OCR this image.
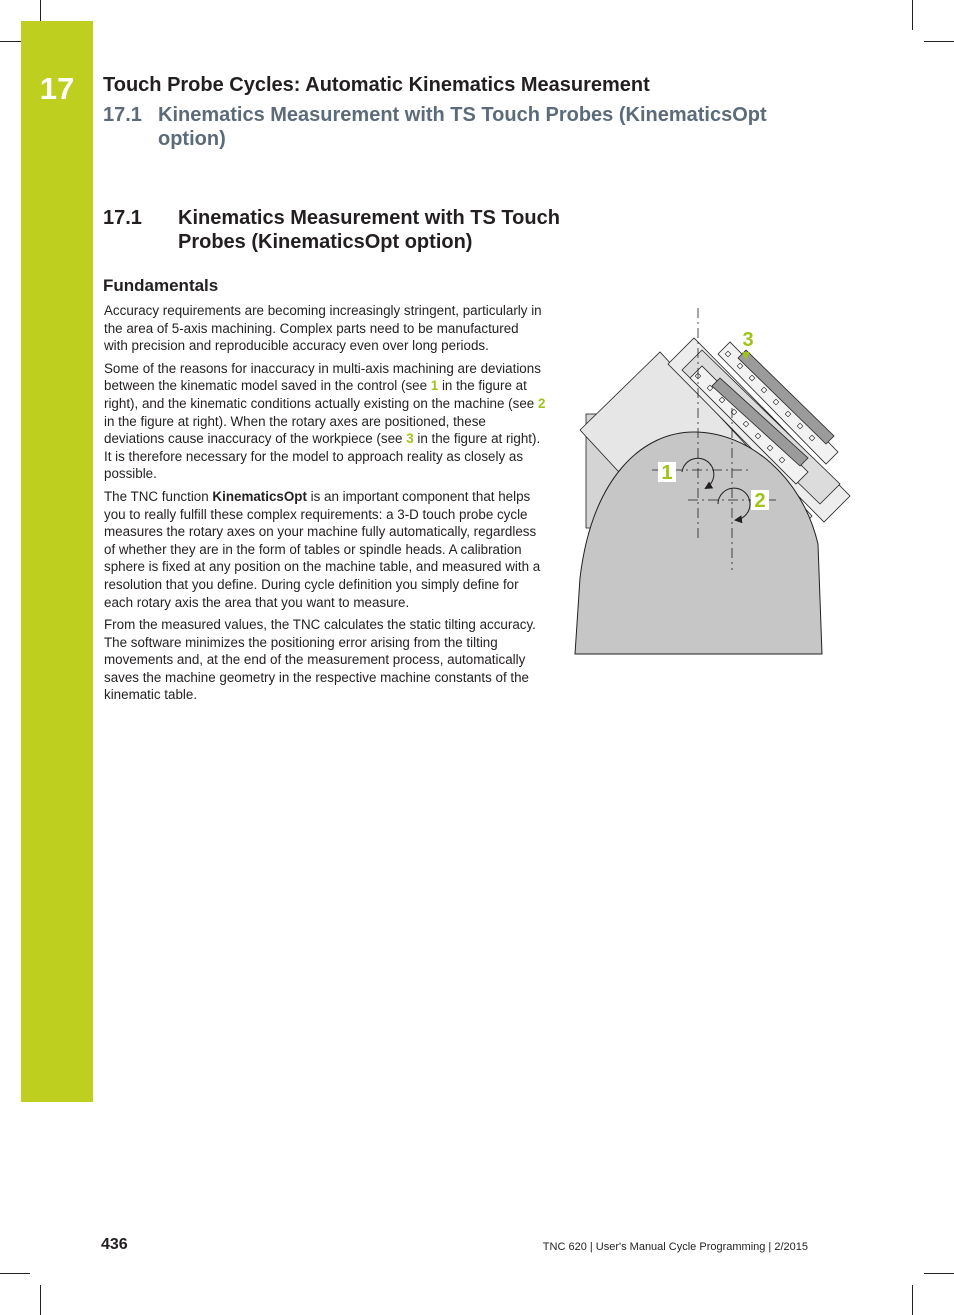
17	Touch Probe Cycles: Automatic Kinematics Measurement
17.1 Kinematics Measurement with TS Touch Probes (KinematicsOpt option)
17.1	Kinematics Measurement with TS Touch Probes (KinematicsOpt option)
Fundamentals

Accuracy requirements are becoming increasingly stringent, particularly in the area of 5-axis machining. Complex parts need to be manufactured with precision and reproducible accuracy even over long periods.

Some of the reasons for inaccuracy in multi-axis machining are deviations between the kinematic model saved in the control (see 1 in the figure at right), and the kinematic conditions actually existing on the machine (see 2 in the figure at right). When the rotary axes are positioned, these deviations cause inaccuracy of the workpiece (see 3 in the figure at right). It is therefore necessary for the model to approach reality as closely as possible.

The TNC function KinematicsOpt is an important component that helps you to really fulfill these complex requirements: a 3-D touch probe cycle measures the rotary axes on your machine fully automatically, regardless of whether they are in the form of tables or spindle heads. A calibration sphere is fixed at any position on the machine table, and measured with a resolution that you define. During cycle definition you simply define for each rotary axis the area that you want to measure.

From the measured values, the TNC calculates the static tilting accuracy. The software minimizes the positioning error arising from the tilting movements and, at the end of the measurement process, automatically saves the machine geometry in the respective machine constants of the kinematic table.

1
2
3
436	TNC 620 | User's Manual Cycle Programming | 2/2015
